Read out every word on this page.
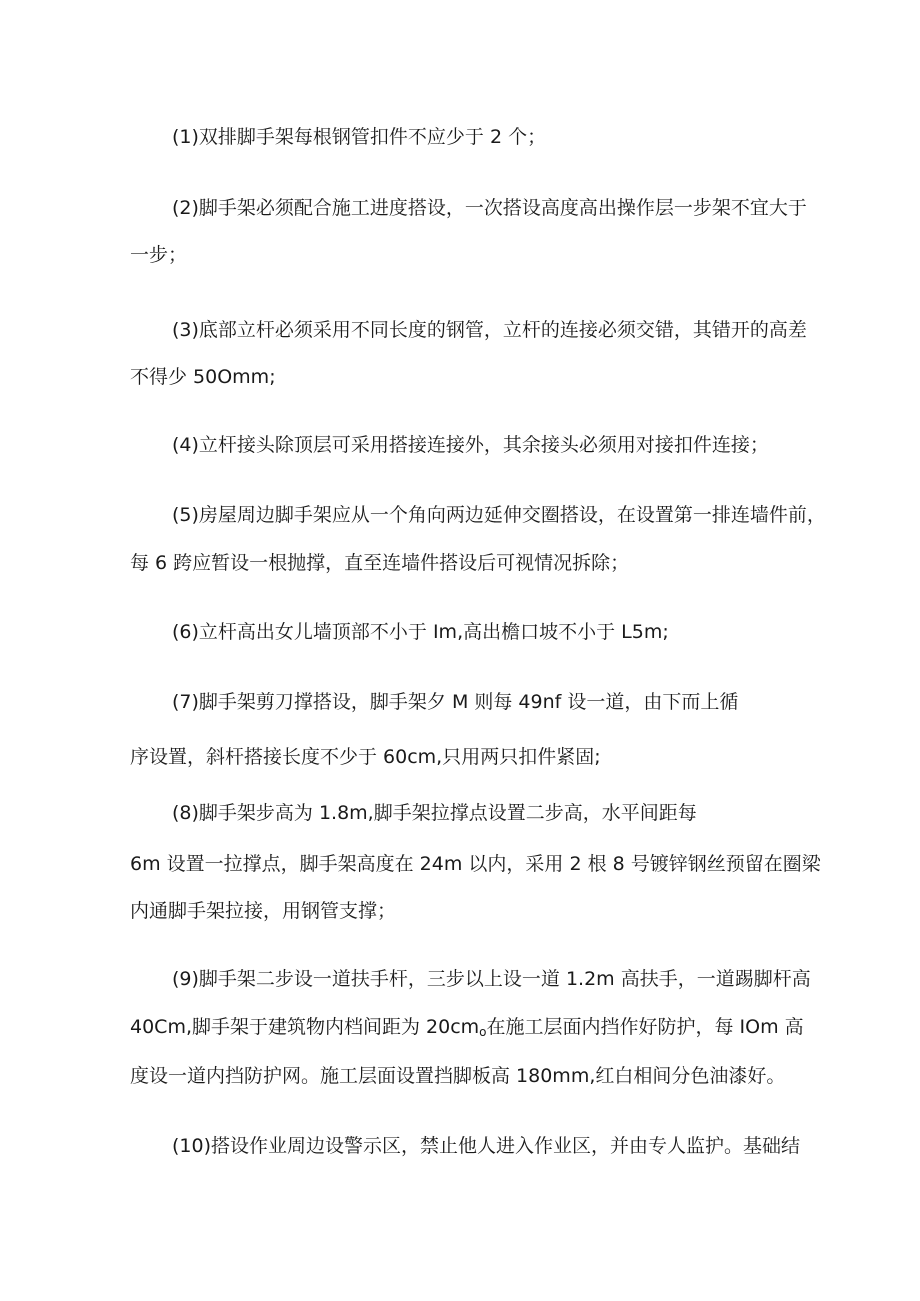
(1)双排脚手架每根钢管扣件不应少于 2 个；
(2)脚手架必须配合施工进度搭设，一次搭设高度高出操作层一步架不宜大于
一步；
(3)底部立杆必须采用不同长度的钢管，立杆的连接必须交错，其错开的高差
不得少 50Omm;
(4)立杆接头除顶层可采用搭接连接外，其余接头必须用对接扣件连接；
(5)房屋周边脚手架应从一个角向两边延伸交圈搭设，在设置第一排连墙件前，
每 6 跨应暂设一根抛撑，直至连墙件搭设后可视情况拆除；
(6)立杆高出女儿墙顶部不小于 Im,高出檐口坡不小于 L5m;
(7)脚手架剪刀撑搭设，脚手架夕 M 则每 49nf 设一道，由下而上循
序设置，斜杆搭接长度不少于 60cm,只用两只扣件紧固;
(8)脚手架步高为 1.8m,脚手架拉撑点设置二步高，水平间距每
6m 设置一拉撑点，脚手架高度在 24m 以内，采用 2 根 8 号镀锌钢丝预留在圈梁
内通脚手架拉接，用钢管支撑；
(9)脚手架二步设一道扶手杆，三步以上设一道 1.2m 高扶手，一道踢脚杆高
40Cm,脚手架于建筑物内档间距为 20cmo在施工层面内挡作好防护，每 IOm 高
度设一道内挡防护网。施工层面设置挡脚板高 180mm,红白相间分色油漆好。
(10)搭设作业周边设警示区，禁止他人进入作业区，并由专人监护。基础结
